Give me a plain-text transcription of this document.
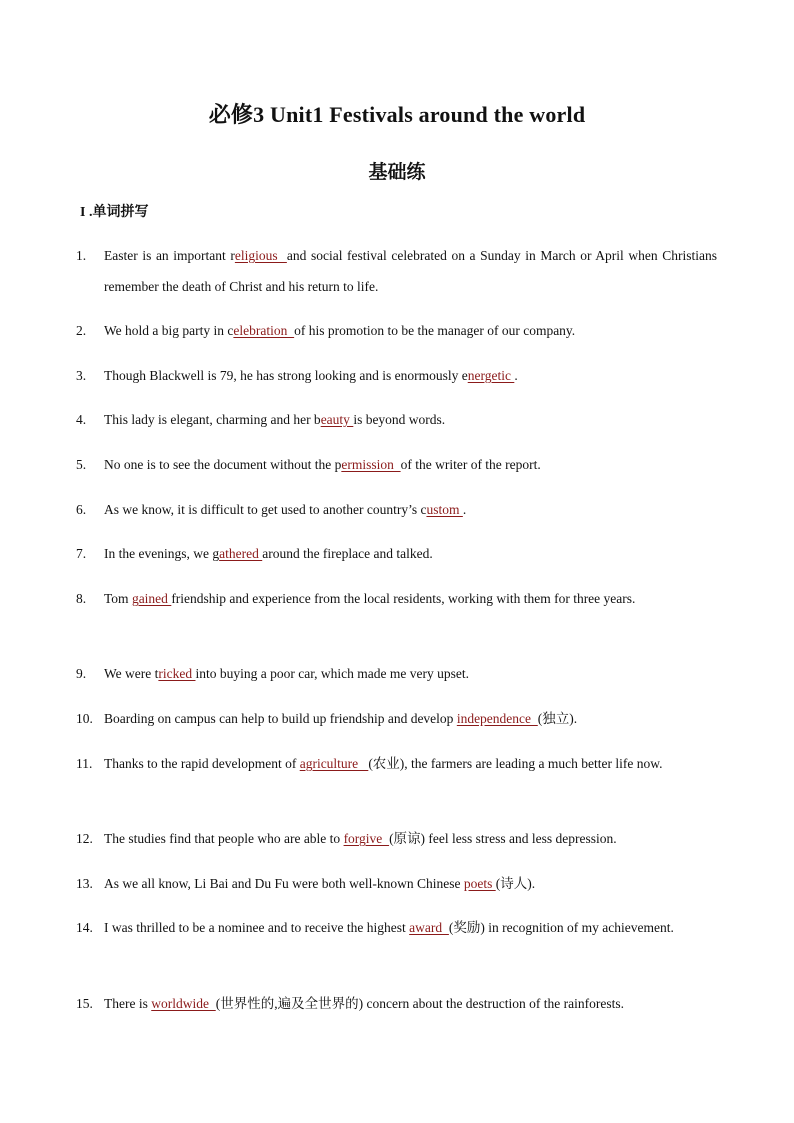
必修3 Unit1 Festivals around the world
基础练
I .单词拼写
1. Easter is an important religious  and social festival celebrated on a Sunday in March or April when Christians remember the death of Christ and his return to life.
2. We hold a big party in celebration  of his promotion to be the manager of our company.
3. Though Blackwell is 79, he has strong looking and is enormously energetic .
4. This lady is elegant, charming and her beauty is beyond words.
5. No one is to see the document without the permission  of the writer of the report.
6. As we know, it is difficult to get used to another country’s custom .
7. In the evenings, we gathered around the fireplace and talked.
8. Tom gained friendship and experience from the local residents, working with them for three years.
9. We were tricked into buying a poor car, which made me very upset.
10. Boarding on campus can help to build up friendship and develop independence  (独立).
11. Thanks to the rapid development of agriculture   (农业), the farmers are leading a much better life now.
12. The studies find that people who are able to forgive  (原谅) feel less stress and less depression.
13. As we all know, Li Bai and Du Fu were both well-known Chinese poets (诗人).
14. I was thrilled to be a nominee and to receive the highest award  (奖励) in recognition of my achievement.
15. There is worldwide  (世界性的,遍及全世界的) concern about the destruction of the rainforests.
